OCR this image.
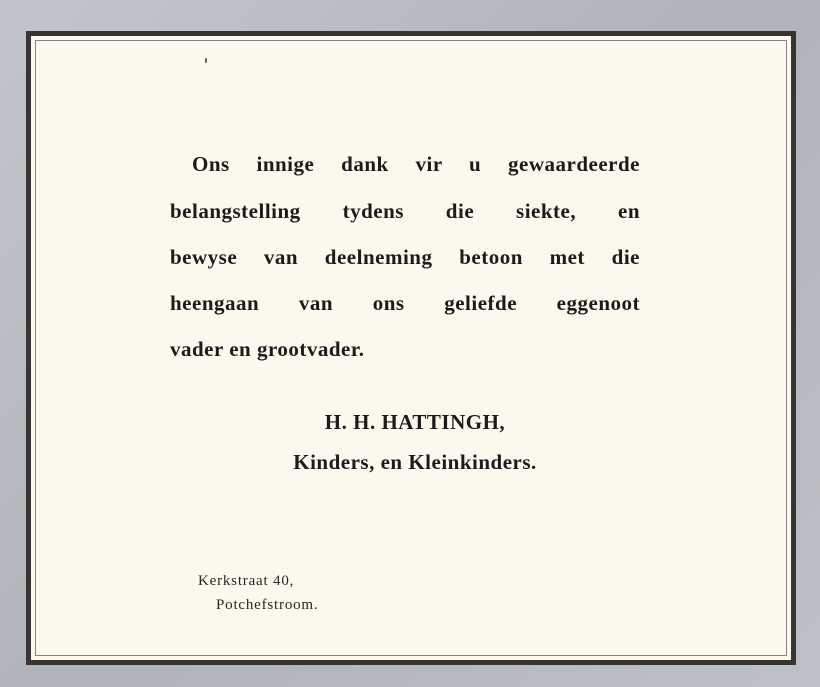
Ons innige dank vir u gewaardeerde
belangstelling tydens die siekte, en
bewyse van deelneming betoon met die
heengaan van ons geliefde eggenoot
vader en grootvader.
H. H. HATTINGH,
Kinders, en Kleinkinders.
Kerkstraat 40,
Potchefstroom.
